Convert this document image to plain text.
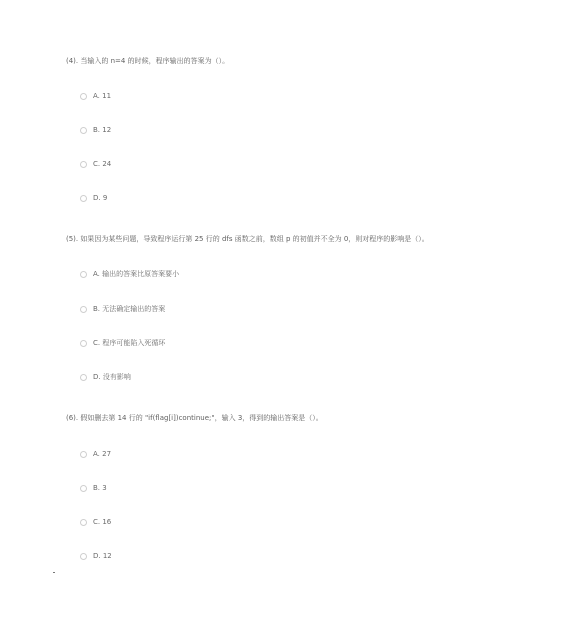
(4). 当输入的 n=4 的时候，程序输出的答案为（）。
A. 11
B. 12
C. 24
D. 9
(5). 如果因为某些问题，导致程序运行第 25 行的 dfs 函数之前，数组 p 的初值并不全为 0，则对程序的影响是（）。
A. 输出的答案比原答案要小
B. 无法确定输出的答案
C. 程序可能陷入死循环
D. 没有影响
(6). 假如删去第 14 行的 "if(flag[i])continue;"，输入 3，得到的输出答案是（）。
A. 27
B. 3
C. 16
D. 12
